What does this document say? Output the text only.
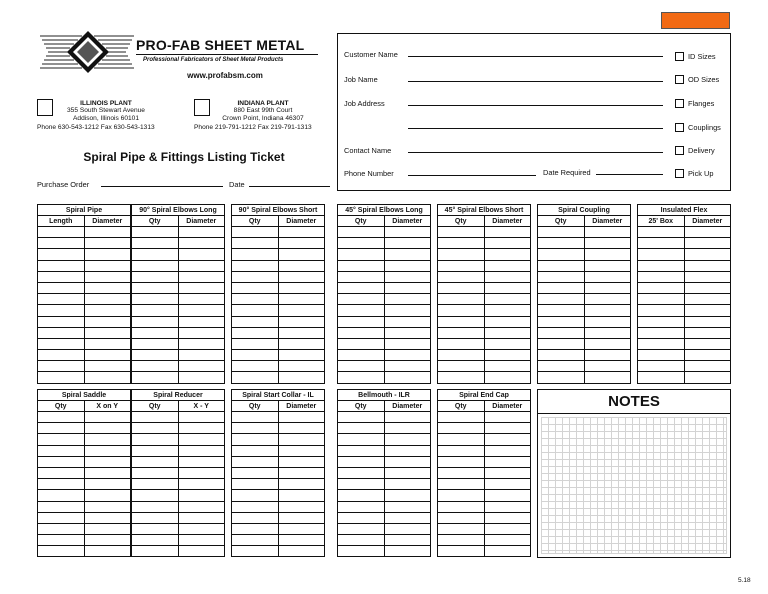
PRO-FAB SHEET METAL
Professional Fabricators of Sheet Metal Products
www.profabsm.com
ILLINOIS PLANT
355 South Stewart Avenue
Addison, Illinois 60101
Phone 630-543-1212 Fax 630-543-1313
INDIANA PLANT
880 East 99th Court
Crown Point, Indiana 46307
Phone 219-791-1212 Fax 219-791-1313
Spiral Pipe & Fittings Listing Ticket
Purchase Order	Date
Customer Name
Job Name
Job Address
Contact Name
Phone Number	Date Required
ID Sizes
OD Sizes
Flanges
Couplings
Delivery
Pick Up
Spiral Pipe	
Length	Diameter

90° Spiral Elbows Long	
Qty	Diameter

90° Spiral Elbows Short	
Qty	Diameter

45° Spiral Elbows Long	
Qty	Diameter

45° Spiral Elbows Short	
Qty	Diameter

Spiral Coupling	
Qty	Diameter

Insulated Flex	
25' Box	Diameter

Spiral Saddle	
Qty	X on Y

Spiral Reducer	
Qty	X - Y

Spiral Start Collar - IL	
Qty	Diameter

Bellmouth - ILR	
Qty	Diameter

Spiral End Cap	
Qty	Diameter

		NOTES
5.18
